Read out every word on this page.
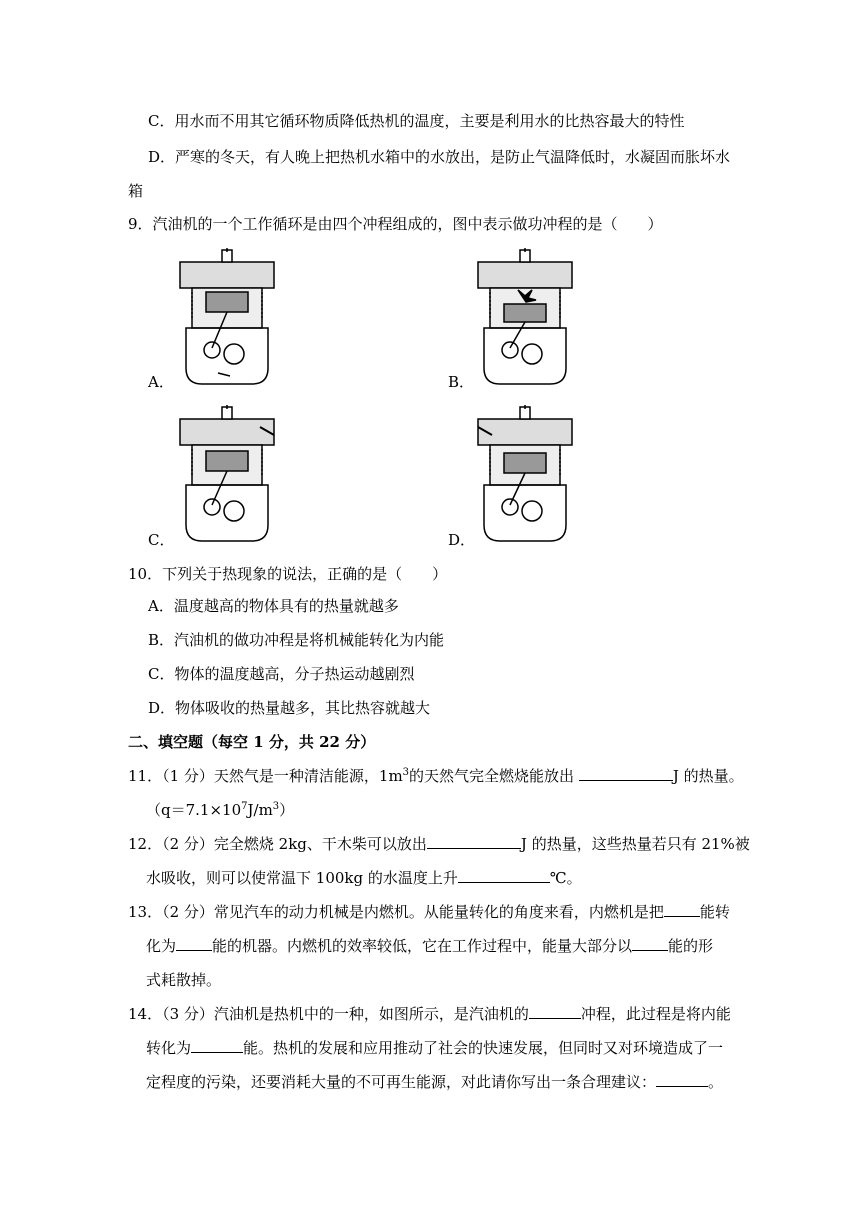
C．用水而不用其它循环物质降低热机的温度，主要是利用水的比热容最大的特性
D．严寒的冬天，有人晚上把热机水箱中的水放出，是防止气温降低时，水凝固而胀坏水
箱
9．汽油机的一个工作循环是由四个冲程组成的，图中表示做功冲程的是（　　）
A．	B．
C．	D．
10．下列关于热现象的说法，正确的是（　　）
A．温度越高的物体具有的热量就越多
B．汽油机的做功冲程是将机械能转化为内能
C．物体的温度越高，分子热运动越剧烈
D．物体吸收的热量越多，其比热容就越大
二、填空题（每空 1 分，共 22 分）
11．（1 分）天然气是一种清洁能源，$1m^3$的天然气完全燃烧能放出	J 的热量。
$(q=7.1\times 10^7J/m^3)$
12．（2 分）完全燃烧 2kg、干木柴可以放出	J 的热量，这些热量若只有 21%被
水吸收，则可以使常温下 100kg 的水温度上升	℃。
13．（2 分）常见汽车的动力机械是内燃机。从能量转化的角度来看，内燃机是把 能转
化为 能的机器。内燃机的效率较低，它在工作过程中，能量大部分以 能的形
式耗散掉。
14．（3 分）汽油机是热机中的一种，如图所示，是汽油机的	冲程，此过程是将内能
转化为	能。热机的发展和应用推动了社会的快速发展，但同时又对环境造成了一
定程度的污染，还要消耗大量的不可再生能源，对此请你写出一条合理建议：	。
